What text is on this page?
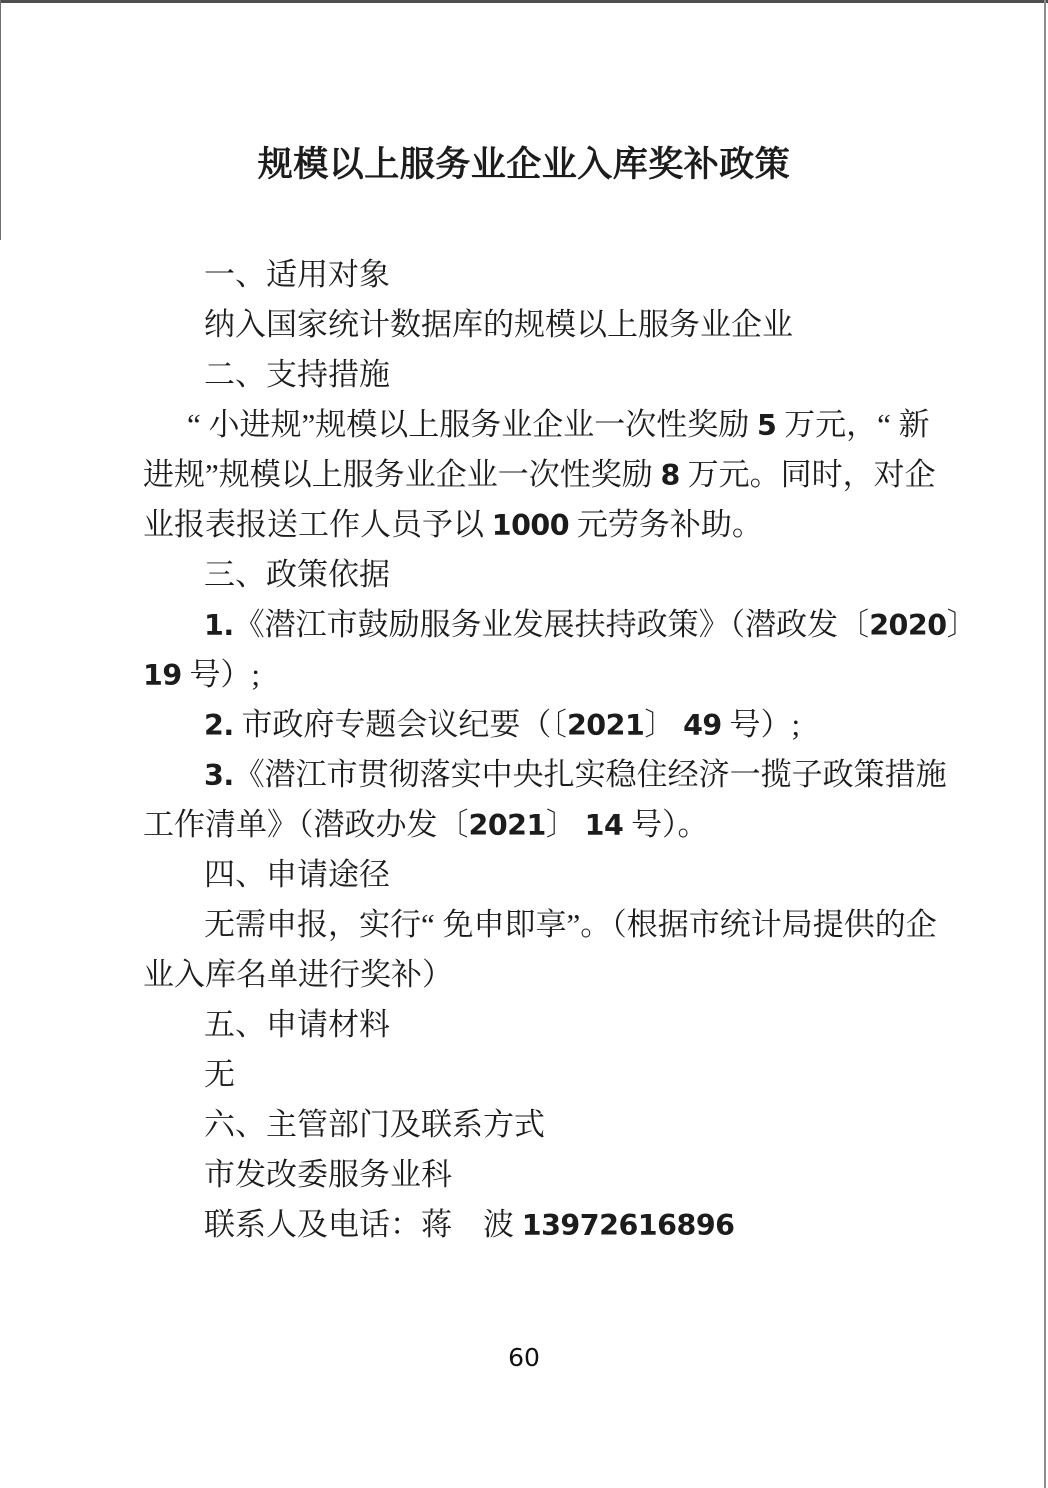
规模以上服务业企业入库奖补政策
一、适用对象
纳入国家统计数据库的规模以上服务业企业
二、支持措施
“ 小进规”规模以上服务业企业一次性奖励 5 万元，“ 新
进规”规模以上服务业企业一次性奖励 8 万元。同时，对企
业报表报送工作人员予以 1000 元劳务补助。
三、政策依据
1.《潜江市鼓励服务业发展扶持政策》（潜政发〔2020〕
19 号）;
2. 市政府专题会议纪要（〔2021〕 49 号）;
3.《潜江市贯彻落实中央扎实稳住经济一揽子政策措施
工作清单》（潜政办发〔2021〕 14 号）。
四、申请途径
无需申报，实行“ 免申即享”。（根据市统计局提供的企
业入库名单进行奖补）
五、申请材料
无
六、主管部门及联系方式
市发改委服务业科
联系人及电话：蒋　波 13972616896
60
